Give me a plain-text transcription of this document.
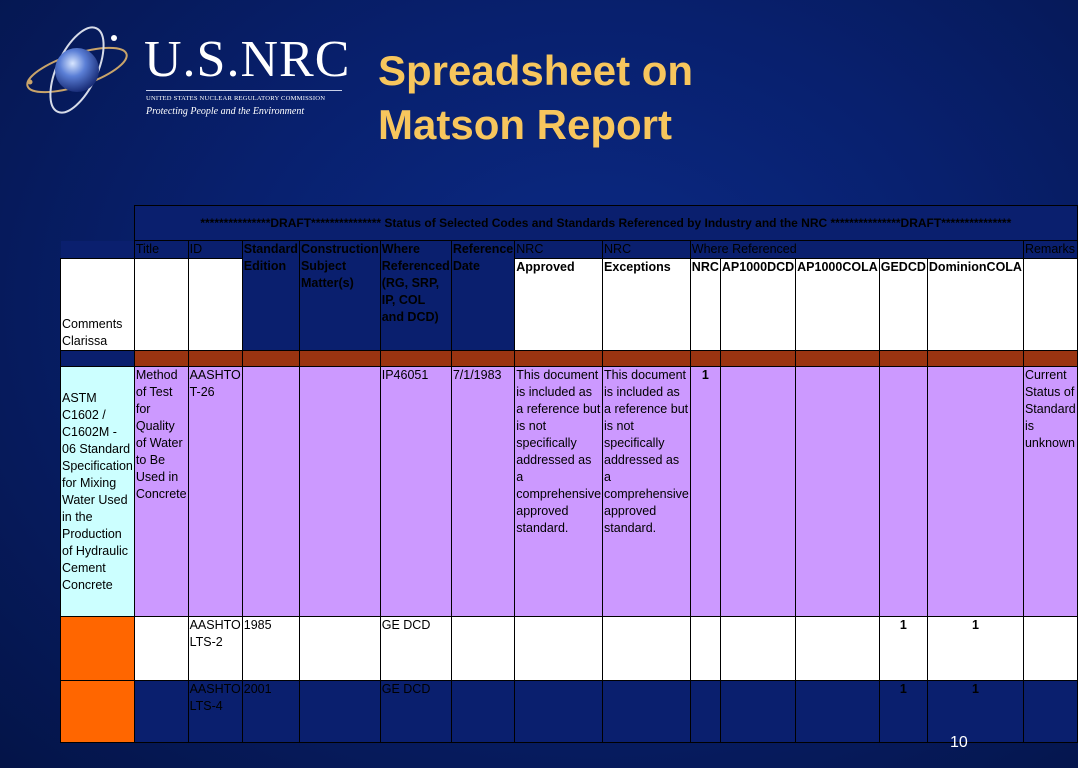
U.S.NRC
UNITED STATES NUCLEAR REGULATORY COMMISSION
Protecting People and the Environment
Spreadsheet on
Matson Report
	***************DRAFT*************** Status of Selected Codes and Standards Referenced by Industry and the NRC ***************DRAFT***************													
	Title	ID	Standard Edition	Construction Subject Matter(s)	Where Referenced (RG, SRP, IP, COL and DCD)	Reference Date	NRC	NRC	Where Referenced					Remarks
Comments Clarissa							Approved	Exceptions	NRC	AP1000DCD	AP1000COLA	GEDCD	DominionCOLA	

ASTM C1602 / C1602M - 06 Standard Specification for Mixing Water Used in the Production of Hydraulic Cement Concrete	Method of Test for Quality of Water to Be Used in Concrete	AASHTO T-26			IP46051	7/1/1983	This document is included as a reference but is not specifically addressed as a comprehensive approved standard.	This document is included as a reference but is not specifically addressed as a comprehensive approved standard.	1					Current Status of Standard is unknown
		AASHTO LTS-2	1985		GE DCD							1	1	
		AASHTO LTS-4	2001		GE DCD							1	1	
10
